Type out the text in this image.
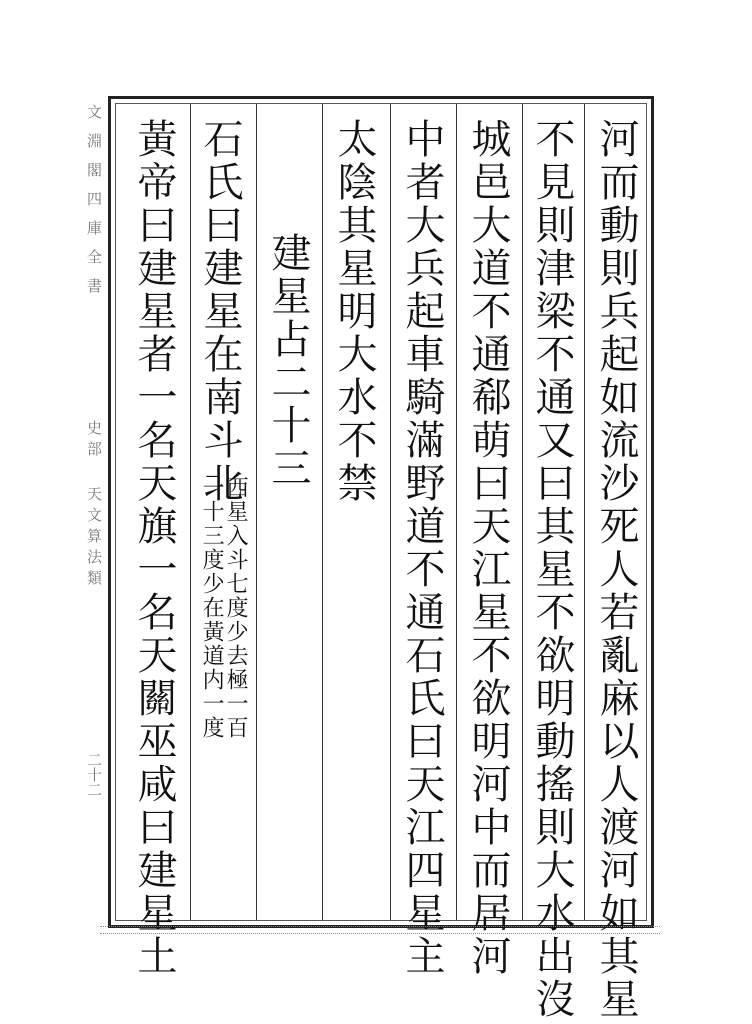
文淵閣四庫全書
史部 天文算法類
二十二	河而動則兵起如流沙死人若亂麻以人渡河如其星
不見則津梁不通又曰其星不欲明動搖則大水出沒
城邑大道不通郗萌曰天江星不欲明河中而居河
中者大兵起車騎滿野道不通石氏曰天江四星主
太陰其星明大水不禁
建星占二十三
石氏曰建星在南斗北
西星入斗七度少去極一百
一十三度少在黃道内一度
黃帝曰建星者一名天旗一名天關巫咸曰建星土
